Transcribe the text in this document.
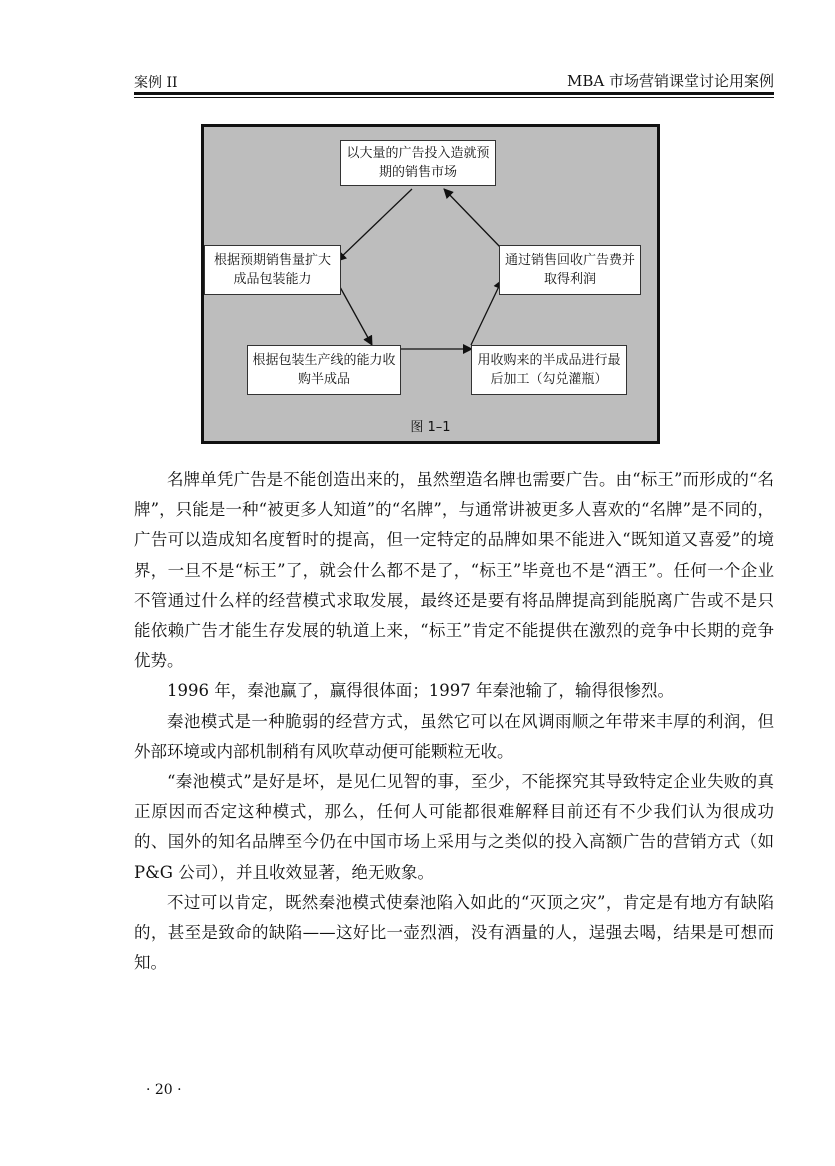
案例 II	MBA 市场营销课堂讨论用案例
以大量的广告投入造就预期的销售市场
根据预期销售量扩大成品包装能力
通过销售回收广告费并取得利润
根据包装生产线的能力收购半成品
用收购来的半成品进行最后加工（勾兑灌瓶）
图 1–1

名牌单凭广告是不能创造出来的，虽然塑造名牌也需要广告。由“标王”而形成的“名牌”，只能是一种“被更多人知道”的“名牌”，与通常讲被更多人喜欢的“名牌”是不同的，广告可以造成知名度暂时的提高，但一定特定的品牌如果不能进入“既知道又喜爱”的境界，一旦不是“标王”了，就会什么都不是了，“标王”毕竟也不是“酒王”。任何一个企业不管通过什么样的经营模式求取发展，最终还是要有将品牌提高到能脱离广告或不是只能依赖广告才能生存发展的轨道上来，“标王”肯定不能提供在激烈的竞争中长期的竞争优势。

1996 年，秦池赢了，赢得很体面；1997 年秦池输了，输得很惨烈。

秦池模式是一种脆弱的经营方式，虽然它可以在风调雨顺之年带来丰厚的利润，但外部环境或内部机制稍有风吹草动便可能颗粒无收。

“秦池模式”是好是坏，是见仁见智的事，至少，不能探究其导致特定企业失败的真正原因而否定这种模式，那么，任何人可能都很难解释目前还有不少我们认为很成功的、国外的知名品牌至今仍在中国市场上采用与之类似的投入高额广告的营销方式（如 P&G 公司），并且收效显著，绝无败象。

不过可以肯定，既然秦池模式使秦池陷入如此的“灭顶之灾”，肯定是有地方有缺陷的，甚至是致命的缺陷——这好比一壶烈酒，没有酒量的人，逞强去喝，结果是可想而知。

· 20 ·
